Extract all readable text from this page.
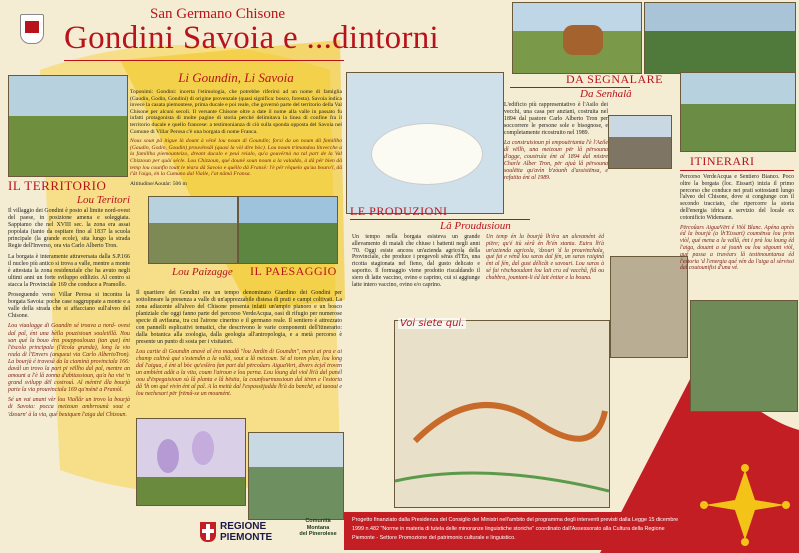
San Germano Chisone
Gondini Savoia e ...dintorni
Li Goundin, Li Savoia

Toponimi: Gondini: incerta l'etimologia, che potrebbe riferirsi ad un nome di famiglia (Gaudin, Godin, Gondini) di origine provenzale (quasi significa: bosco, foresta). Savoia indica invece la casata piemontese, prima ducale e poi reale, che governò parte del territorio della Val Chisone per alcuni secoli. Il versante Chisone oltre a date il nome alla valle in passato fu infatti protagonista di molte pagine di storia perché delimitava la linea di confine fra il territorio ducale e quello francese: a testimonianza di ciò sulla sponda opposta del Savoia nel Comune di Villar Perosa c'è una borgata di nome Franca.

Nous soun pâ itigue là dount à vënë lou noum di Goundin; forsi da un noum dâ famillho (Gaudin, Godin, Goudin) prouvënsâl (quasi la vòl dire bòc). Lou noum trimandou linvecche a la famillha piemounteizo, dreant ducalo e peui reialo, qu'a gouvërnà na tal part de la Val Chizzoun per quâi sécle. Lou Chizzoun, qué dounë soun noum a la valaddo, à dâ për bien dâ temp lou counfin toutt le tèara dâ Savoio e quëllo dâ Fransë: l'è për rëquelo qu'au bouro'l, dâ l'ât l'aiga, én la Cumuno dal Vialle, l'at nâmâ Fransa.

Altitudine/Aoutàr: 506 m

IL TERRITORIO
Lou Teritori

Il villaggio dei Gondini è posto al limite nord-ovest del paese, in posizione amena e soleggiata. Sappiamo che nel XVIII sec. la zona era assai popolata (tanto da ospitare fino al 1837 la scuola principale (la grande ecole), sita lungo la strada Regie dell'Inverso, ora via Carlo Alberto Tron.

La borgata è interamente attraversata dalla S.P.166 il nucleo più antico si trova a valle, mentre a monte è attestata la zona residenziale che ha avuto negli ultimi anni un forte sviluppo edilizio. Al centro si stacca la Provinciale 169 che conduce a Pramollo.

Proseguendo verso Villar Perosa si incontra la borgata Savoia: poche case raggruppate a monte e a valle della strada che si affacciano sull'alveo del Chisone.

Lou viaalagge di Goundin sé trouva a nord- ovest dal paî, ént una bèlla pouzisioun souleiillâ. Nou san qué la bouo éra pouppoulouza (tan que) ént l'ëscola principala (l'ëcola granda), long la vio reala di l'Envers (anqueui via Carlo AlbertoTron). La bourjà é travesâ da la ciaminà provinciala 166: davàl un trovo la part pi vëllho dal paî, mentre an amount a l'è lâ zonna d'abitassioun, qu'a ha vist 'n grand svilupp dël costrouì. Al méntrë dla bourjà parte la via prouvinciala 169 qu'ménë a Pramòl.

Sé un vai anant vèr lou Viallâr un trovo la bourjà di Savoia: pocca meizoun ambrrounà sout e 'dzourn' à la via, qué beuiquen l'aiga dal Chizoun.

Lou Paizagge IL PAESAGGIO

Il quartiere dei Gondini era un tempo denominato Giardino dei Gondini per sottolineare la presenza a valle di un'apprezzabile distesa di prati e campi coltivati. La zona adiacente all'alveo del Chisone presenta infatti un'ampio pianoro e un bosco planiziale che oggi fanno parte del percorso VerdeAcqua, oasi di rifugio per numerose specie di avifauna, tra cui l'airone cinerino e il germano reale. Il sentiero è attrezzato con pannelli esplicativi tematici, che descrivono le varie componenti dell'itinerario: dalla botanica alla zoologia, dalla geologia all'antropologia, e a metà percorso è presente un punto di sosta per i visitatori.

Lou cartie di Goundin anavè al èra maadâ "lou Jardin di Goundin", mersi ai pra e ai champ cultivà qué s'estendìn a la vallâ, sout a lâ meizoun. Sé al toren plan, lou long dal l'aigua, é ént al bòc qu'eslèra fan part dal përcoûars AiguaVert, divers ècjeî troven un ambiént adât a la vita, coum l'airoun e lou perna. Lou lòung dal viol lh'à dal panél oou d'ëspegaisioun sù lâ planta e lâ bëstia, la counfourmassioun dal tëren e l'estoria dâ 'lh om qué vivìn ént al paî. A la meità dal l'espassëjadda lh'à da banchë, ed taooui e lou nechesari për frëmâ-se un moumént.

DA SEGNALARE
Da Senhalâ

L'edificio più rappresentativo è l'Asilo dei vecchi, una casa per anziani, costruita nel 1894 dal pastore Carlo Alberto Tron per soccorrere le persone sole e bisognose, e completamente ricostruito nel 1989.

La construisioun pì empouërtanta l'è l'Azile dî vëllh, una meizoun për lâ përsouna d'agge, coustruìa ént al 1894 dal mistre Charle Alber Tron, për ajuà lâ përsouna soulëtta qu'avìn b'zòunh d'assistënsa, e refaiita ént al 1989.

LE PRODUZIONI
Lâ Proudusioun

Un tempo nella borgata esisteva un grande allevamento di maiali che chiuse i battenti negli anni '70. Oggi esiste ancora un'azienda agricola della Provinciale, che produce i pregevoli sëras d'l'Én, una ricotta stagionata nel fieno, dal gusto delicato e saporito. Il formaggio viene prodotto riscaldando il siero di latte vaccino, ovino e caprino, cui si aggiunge latte intero vaccino, ovino e/o caprino.

Un temp én la bourjà lh'éra un alevamént èd piëre; qu'é itù sèrâ én lh'én stanta. Euiru lh'à un'azienda agricola, 'dzouri 'd la prouvinchala, qué fai e vénd lou saras dal fén, un saras raiginâ ént al fén, dal gust délicât e savouri. Lou saras à sé fai rëschaoudant lou lait cru ed vacchâ, fiâ ou chabbra, jountant-li éd lait éntiar e la bouna.

Voi siete qui.
ITINERARI

Percorso VerdeAcqua e Sentiero Bianco. Poco oltre la borgata (loc. Eissart) inizia il primo percorso che conduce nei prati sottostanti lungo l'alveo del Chisone, dove si congiunge con il secondo tracciato, che ripercorre la storia dell'energia idrica a servizio del locale ex cotonificio Widemann.

Përcoûars AiguaVërt é Viòl Blanc. Apéna après éd la bourjà (a lh'Eissart) coumënsa lou prim viòl, qué mena a la vallâ, ént i prà lou loung éd l'aiga, douant a sé jounh ou lou sëgount viòl, qué passa a travèars lâ testimouniansa éd l'estoria 'd l'energia qué vén da l'aiga al sèrvissi dal coutounifisi d'una vé.

REGIONE
PIEMONTE
Comunità
Montana
del Pinerolese
Progetto finanziato dalla Presidenza del Consiglio dei Ministri nell'ambito del programma degli interventi previsti dalla Legge 15 dicembre 1999 n.482 "Norme in materia di tutela delle minoranze linguistiche storiche" coordinato dall'Assessorato alla Cultura della Regione Piemonte - Settore Promozione del patrimonio culturale e linguistico.
